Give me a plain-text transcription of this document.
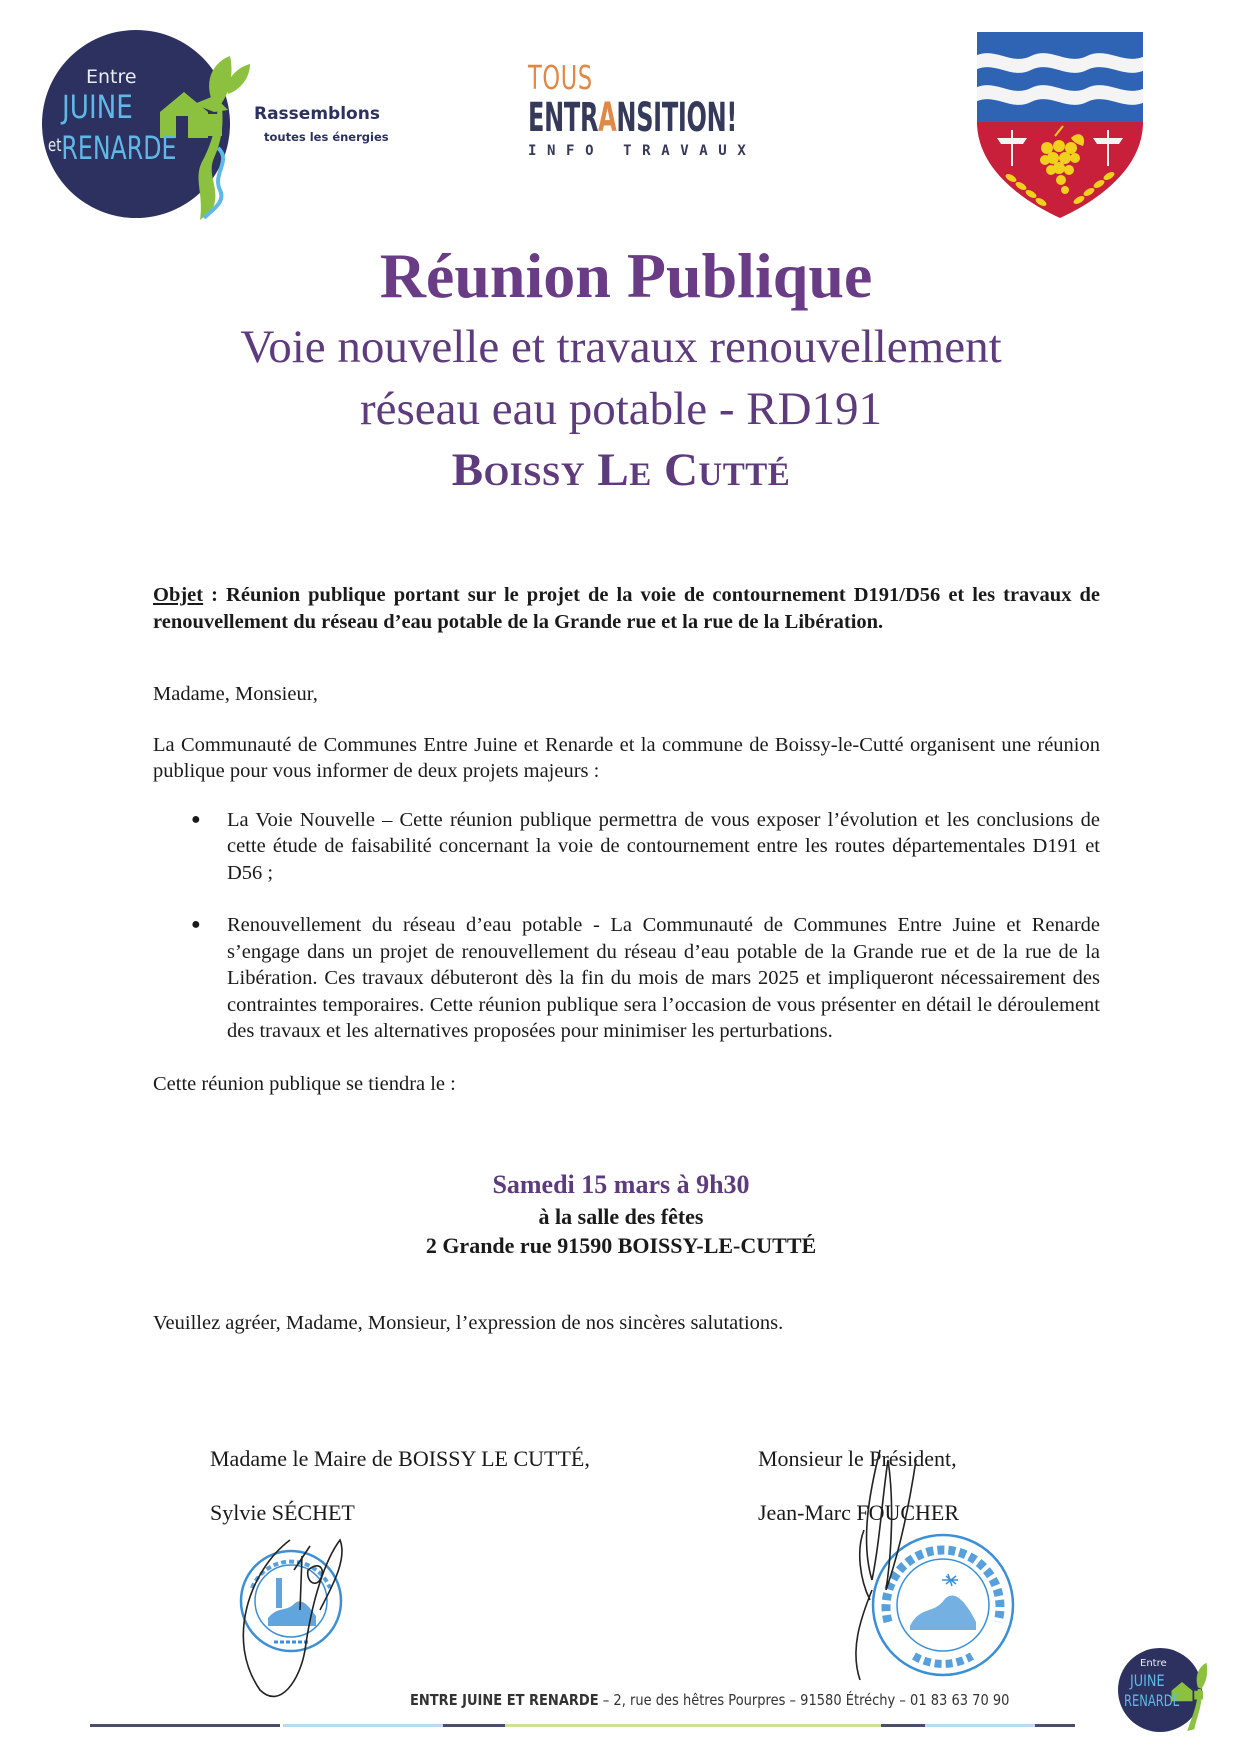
Entre
JUINE
$^{et}$RENARDE
Rassemblons
toutes les énergies
TOUS
ENTRANSITION!
INFO TRAVAUX
Réunion Publique
Voie nouvelle et travaux renouvellement
réseau eau potable - RD191
Boissy Le Cutté

Objet : Réunion publique portant sur le projet de la voie de contournement D191/D56 et les travaux de renouvellement du réseau d’eau potable de la Grande rue et la rue de la Libération.

Madame, Monsieur,

La Communauté de Communes Entre Juine et Renarde et la commune de Boissy-le-Cutté organisent une réunion publique pour vous informer de deux projets majeurs :

● La Voie Nouvelle – Cette réunion publique permettra de vous exposer l’évolution et les conclusions de cette étude de faisabilité concernant la voie de contournement entre les routes départementales D191 et D56 ;
● Renouvellement du réseau d’eau potable - La Communauté de Communes Entre Juine et Renarde s’engage dans un projet de renouvellement du réseau d’eau potable de la Grande rue et de la rue de la Libération. Ces travaux débuteront dès la fin du mois de mars 2025 et impliqueront nécessairement des contraintes temporaires. Cette réunion publique sera l’occasion de vous présenter en détail le déroulement des travaux et les alternatives proposées pour minimiser les perturbations.

Cette réunion publique se tiendra le :

Samedi 15 mars à 9h30
à la salle des fêtes
2 Grande rue 91590 BOISSY-LE-CUTTÉ

Veuillez agréer, Madame, Monsieur, l’expression de nos sincères salutations.

Madame le Maire de BOISSY LE CUTTÉ,
Sylvie SÉCHET
Monsieur le Président,
Jean-Marc FOUCHER
ENTRE JUINE ET RENARDE – 2, rue des hêtres Pourpres – 91580 Étréchy – 01 83 63 70 90
Entre
JUINE
RENARDE
